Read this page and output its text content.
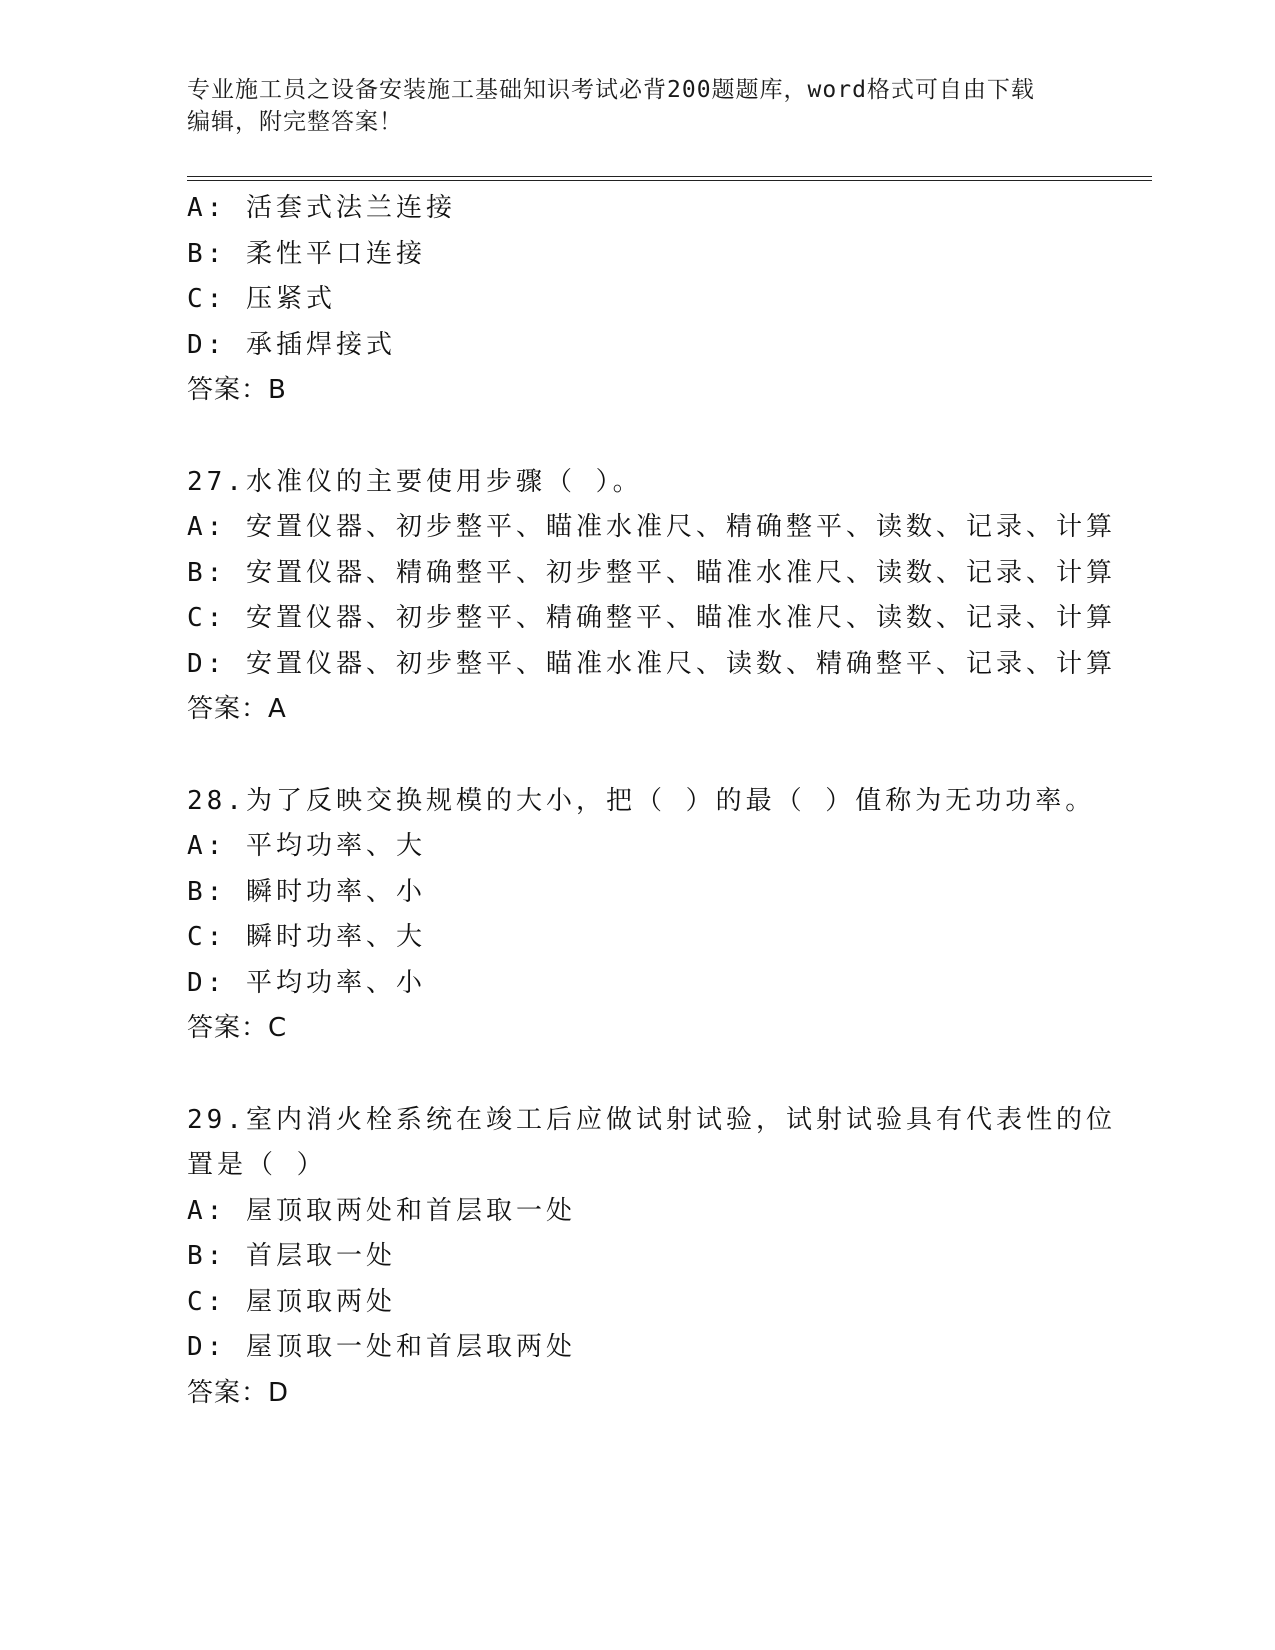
专业施工员之设备安装施工基础知识考试必背200题题库，word格式可自由下载
编辑，附完整答案！
A: 活套式法兰连接
B: 柔性平口连接
C: 压紧式
D: 承插焊接式
答案：B
27.水准仪的主要使用步骤（ ）。
A: 安置仪器、初步整平、瞄准水准尺、精确整平、读数、记录、计算
B: 安置仪器、精确整平、初步整平、瞄准水准尺、读数、记录、计算
C: 安置仪器、初步整平、精确整平、瞄准水准尺、读数、记录、计算
D: 安置仪器、初步整平、瞄准水准尺、读数、精确整平、记录、计算
答案：A
28.为了反映交换规模的大小，把（ ）的最（ ）值称为无功功率。
A: 平均功率、大
B: 瞬时功率、小
C: 瞬时功率、大
D: 平均功率、小
答案：C
29.室内消火栓系统在竣工后应做试射试验，试射试验具有代表性的位
置是（ ）
A: 屋顶取两处和首层取一处
B: 首层取一处
C: 屋顶取两处
D: 屋顶取一处和首层取两处
答案：D
